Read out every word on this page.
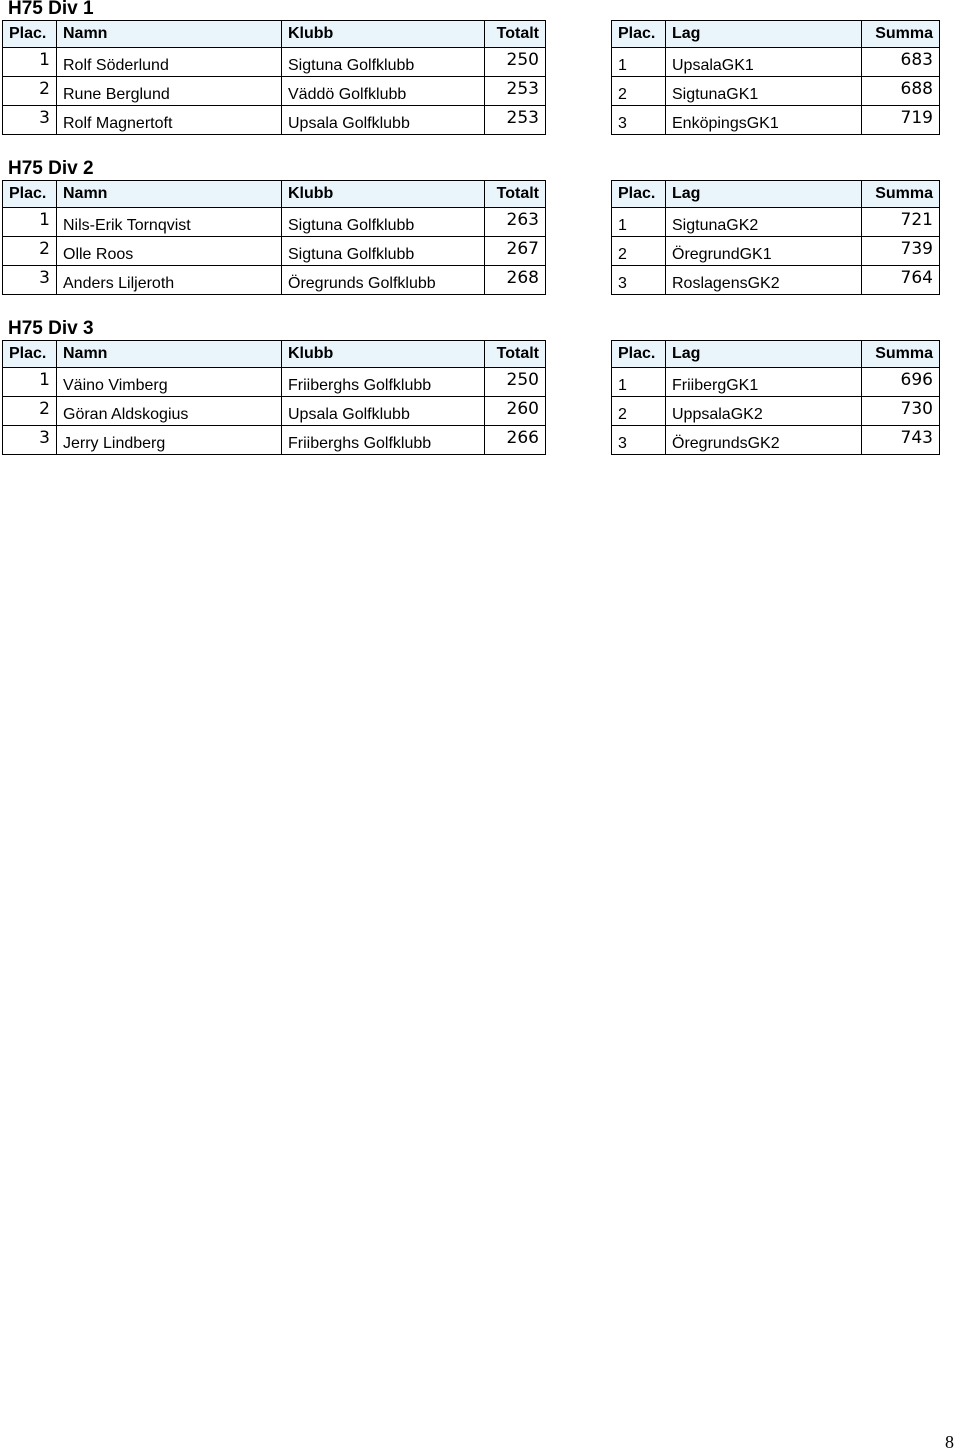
H75 Div 1
Plac.	Namn	Klubb	Totalt
1	Rolf Söderlund	Sigtuna Golfklubb	250
2	Rune Berglund	Väddö Golfklubb	253
3	Rolf Magnertoft	Upsala Golfklubb	253
Plac.	Lag	Summa
1	UpsalaGK1	683
2	SigtunaGK1	688
3	EnköpingsGK1	719
H75 Div 2
Plac.	Namn	Klubb	Totalt
1	Nils-Erik Tornqvist	Sigtuna Golfklubb	263
2	Olle Roos	Sigtuna Golfklubb	267
3	Anders Liljeroth	Öregrunds Golfklubb	268
Plac.	Lag	Summa
1	SigtunaGK2	721
2	ÖregrundGK1	739
3	RoslagensGK2	764
H75 Div 3
Plac.	Namn	Klubb	Totalt
1	Väino Vimberg	Friiberghs Golfklubb	250
2	Göran Aldskogius	Upsala Golfklubb	260
3	Jerry Lindberg	Friiberghs Golfklubb	266
Plac.	Lag	Summa
1	FriibergGK1	696
2	UppsalaGK2	730
3	ÖregrundsGK2	743
8
